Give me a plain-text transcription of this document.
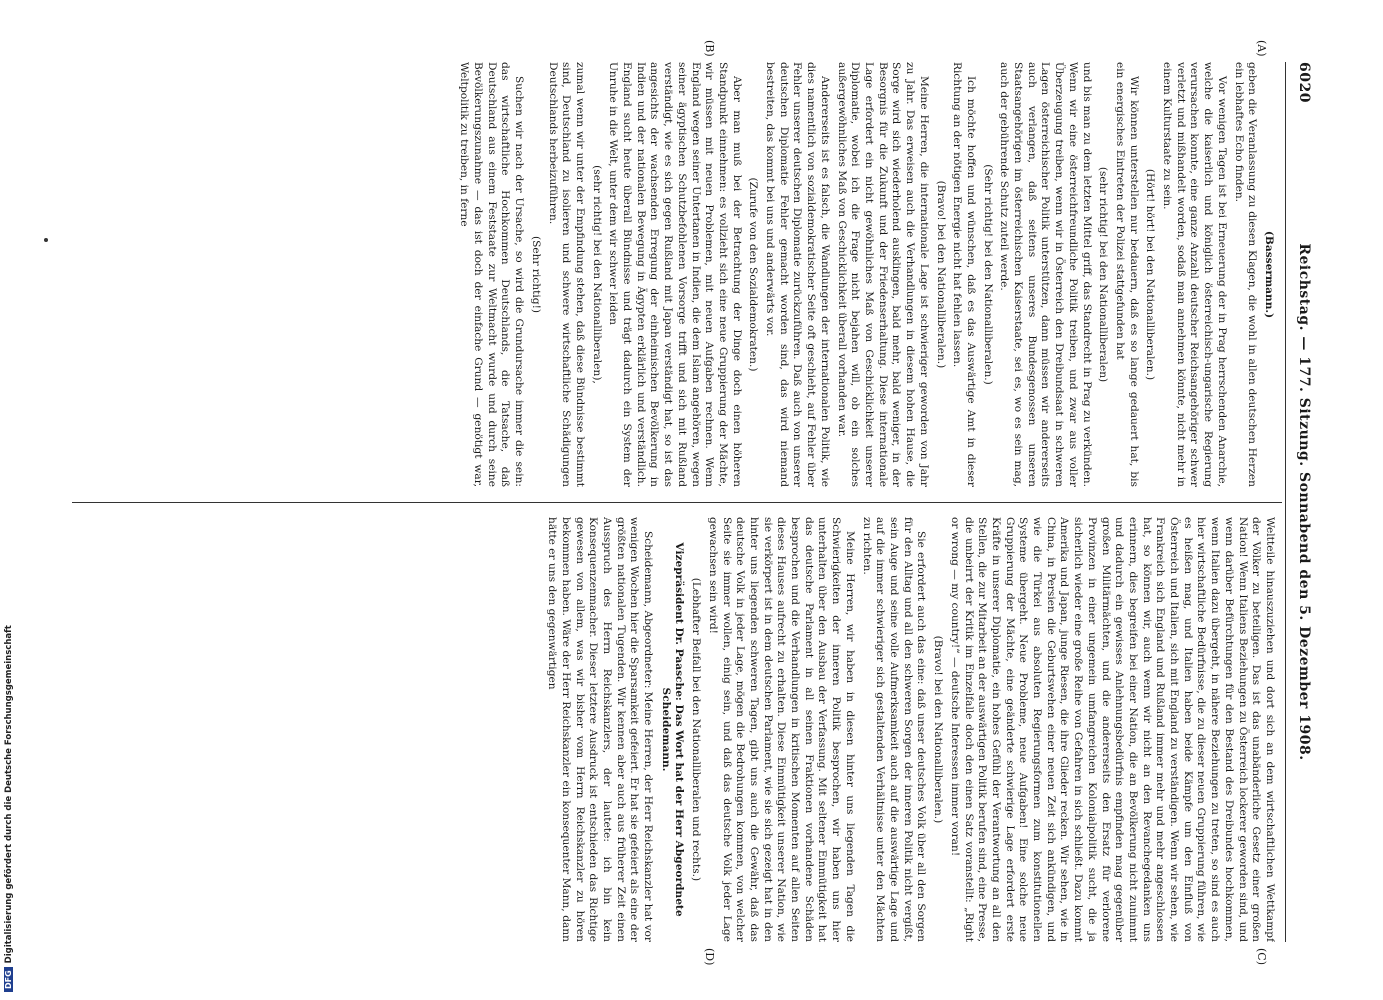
DFGDigitalisierung gefördert durch die Deutsche Forschungsgemeinschaft
6020
Reichstag. — 177. Sitzung. Sonnabend den 5. Dezember 1908.
(A)
(B)
(C)
(D)

(Bassermann.)

geben die Veranlassung zu diesen Klagen, die wohl in allen deutschen Herzen ein lebhaftes Echo finden.

Vor wenigen Tagen ist bei Erneuerung der in Prag herrschenden Anarchie, welche die kaiserlich und königlich österreichisch-ungarische Regierung verursachen konnte, eine ganze Anzahl deutscher Reichsangehöriger schwer verletzt und mißhandelt worden, sodaß man annehmen könnte, nicht mehr in einem Kulturstaate zu sein.

(Hört! hört! bei den Nationalliberalen.)

Wir können unterstellen nur bedauern, daß es so lange gedauert hat, bis ein energisches Eintreten der Polizei stattgefunden hat

(sehr richtig! bei den Nationalliberalen)

und bis man zu dem letzten Mittel griff, das Standrecht in Prag zu verkünden. Wenn wir eine österreichfreundliche Politik treiben, und zwar aus voller Überzeugung treiben, wenn wir in Österreich den Dreibundsaat in schweren Lagen österreichischer Politik unterstützen, dann müssen wir andererseits auch verlangen, daß seitens unseres Bundesgenossen unseren Staatsangehörigen im österreichischen Kaiserstaate, sei es, wo es sein mag, auch der gebührende Schutz zuteil werde.

(Sehr richtig! bei den Nationalliberalen.)

Ich möchte hoffen und wünschen, daß es das Auswärtige Amt in dieser Richtung an der nötigen Energie nicht hat fehlen lassen.

(Bravo! bei den Nationalliberalen.)

Meine Herren, die internationale Lage ist schwieriger geworden von Jahr zu Jahr. Das erweisen auch die Verhandlungen in diesem hohen Hause, die Sorge wird sich wiederholend ausklingen, bald mehr, bald weniger, in der Besorgnis für die Zukunft und der Friedenserhaltung. Diese internationale Lage erfordert ein nicht gewöhnliches Maß von Geschicklichkeit unserer Diplomatie, wobei ich die Frage nicht bejahen will, ob ein solches außergewöhnliches Maß von Geschicklichkeit überall vorhanden war.

Andererseits ist es falsch, die Wandlungen der internationalen Politik, wie dies namentlich von sozialdemokratischer Seite oft geschieht, auf Fehler über Fehler unserer deutschen Diplomatie zurückzuführen. Daß auch von unserer deutschen Diplomatie Fehler gemacht worden sind, das wird niemand bestreiten, das kommt bei uns und anderwärts vor.

(Zurufe von den Sozialdemokraten.)

Aber man muß bei der Betrachtung der Dinge doch einen höheren Standpunkt einnehmen: es vollzieht sich eine neue Gruppierung der Mächte, wir müssen mit neuen Problemen, mit neuen Aufgaben rechnen. Wenn England wegen seiner Untertanen in Indien, die dem Islam angehören, wegen seiner ägyptischen Schutzbefohlenen Vorsorge trifft und sich mit Rußland verständigt, wie es sich gegen Rußland mit Japan verständigt hat, so ist das angesichts der wachsenden Erregung der einheimischen Bevölkerung in Indien und der nationalen Bewegung in Ägypten erklärlich und verständlich. England sucht heute überall Bündnisse und trägt dadurch ein System der Unruhe in die Welt, unter dem wir schwer leiden

(sehr richtig! bei den Nationalliberalen),

zumal wenn wir unter der Empfindung stehen, daß diese Bündnisse bestimmt sind, Deutschland zu isolieren und schwere wirtschaftliche Schädigungen Deutschlands herbeizuführen.

(Sehr richtig!)

Suchen wir nach der Ursache, so wird die Grundursache immer die sein: das wirtschaftliche Hochkommen Deutschlands, die Tatsache, daß Deutschland aus einem Feststaate zur Weltmacht wurde und durch seine Bevölkerungszunahme — das ist doch der einfache Grund — genötigt war, Weltpolitik zu treiben, in ferne

Weltteile hinauszuziehen und dort sich an dem wirtschaftlichen Wettkampf der Völker zu beteiligen. Das ist das unabänderliche Gesetz einer großen Nation! Wenn Italiens Beziehungen zu Österreich lockerer geworden sind, und wenn darüber Befürchtungen für den Bestand des Dreibundes hochkommen, wenn Italien dazu übergeht, in nähere Beziehungen zu treten, so sind es auch hier wirtschaftliche Bedürfnisse, die zu dieser neuen Gruppierung führen, wie es heißen mag, und Italien haben beide Kämpfe um den Einfluß von Österreich und Italien, sich mit England zu verständigen. Wenn wir sehen, wie Frankreich sich England und Rußland immer mehr und mehr angeschlossen hat, so können wir, auch wenn wir nicht an den Revanchegedanken uns erinnern, dies begreifen bei einer Nation, die an Bevölkerung nicht zunimmt und dadurch ein gewisses Anlehnungsbedürfnis empfinden mag gegenüber großen Militärmächten, und die andererseits den Ersatz für verlorene Provinzen in einer ungemein umfangreichen Kolonialpolitik sucht, die ja sicherlich wieder eine große Reihe von Gefahren in sich schließt. Dazu kommt Amerika und Japan, junge Riesen, die ihre Glieder recken. Wir sehen, wie in China, in Persien die Geburtswehen einer neuen Zeit sich ankündigen, und wie die Türkei aus absoluten Regierungsformen zum konstitutionellen Systeme übergeht. Neue Probleme, neue Aufgaben! Eine solche neue Gruppierung der Mächte, eine geänderte schwierige Lage erfordert erste Kräfte in unserer Diplomatie, ein hohes Gefühl der Verantwortung an all den Stellen, die zur Mitarbeit an der auswärtigen Politik berufen sind, eine Presse, die unbeirrt der Kritik im Einzelfalle doch den einen Satz voranstellt: „Right or wrong — my country!“ — deutsche Interessen immer voran!

(Bravo! bei den Nationalliberalen.)

Sie erfordert auch das eine: daß unser deutsches Volk über all den Sorgen für den Alltag und all den schweren Sorgen der inneren Politik nicht vergißt, sein Auge und seine volle Aufmerksamkeit auch auf die auswärtige Lage und auf die immer schwieriger sich gestaltenden Verhältnisse unter den Mächten zu richten.

Meine Herren, wir haben in diesen hinter uns liegenden Tagen die Schwierigkeiten der inneren Politik besprochen, wir haben uns hier unterhalten über den Ausbau der Verfassung. Mit seltener Einmütigkeit hat das deutsche Parlament in all seinen Fraktionen vorhandene Schäden besprochen und die Verhandlungen in kritischen Momenten auf allen Seiten dieses Hauses aufrecht zu erhalten. Diese Einmütigkeit unserer Nation, wie sie verkörpert ist in dem deutschen Parlament, wie sie sich gezeigt hat in den hinter uns liegenden schweren Tagen, gibt uns auch die Gewähr, daß das deutsche Volk in jeder Lage, mögen die Bedrohungen kommen, von welcher Seite sie immer wollen, einig sein, und daß das deutsche Volk jeder Lage gewachsen sein wird!

(Lebhafter Beifall bei den Nationalliberalen und rechts.)

Vizepräsident Dr. Paasche: Das Wort hat der Herr Abgeordnete Scheidemann.

Scheidemann, Abgeordneter: Meine Herren, der Herr Reichskanzler hat vor wenigen Wochen hier die Sparsamkeit gefeiert. Er hat sie gefeiert als eine der größten nationalen Tugenden. Wir kennen aber auch aus früherer Zeit einen Ausspruch des Herrn Reichskanzlers, der lautete: ich bin kein Konsequenzenmacher. Dieser letztere Ausdruck ist entschieden das Richtige gewesen von allem, was wir bisher vom Herrn Reichskanzler zu hören bekommen haben. Wäre der Herr Reichskanzler ein konsequenter Mann, dann hätte er uns den gegenwärtigen
